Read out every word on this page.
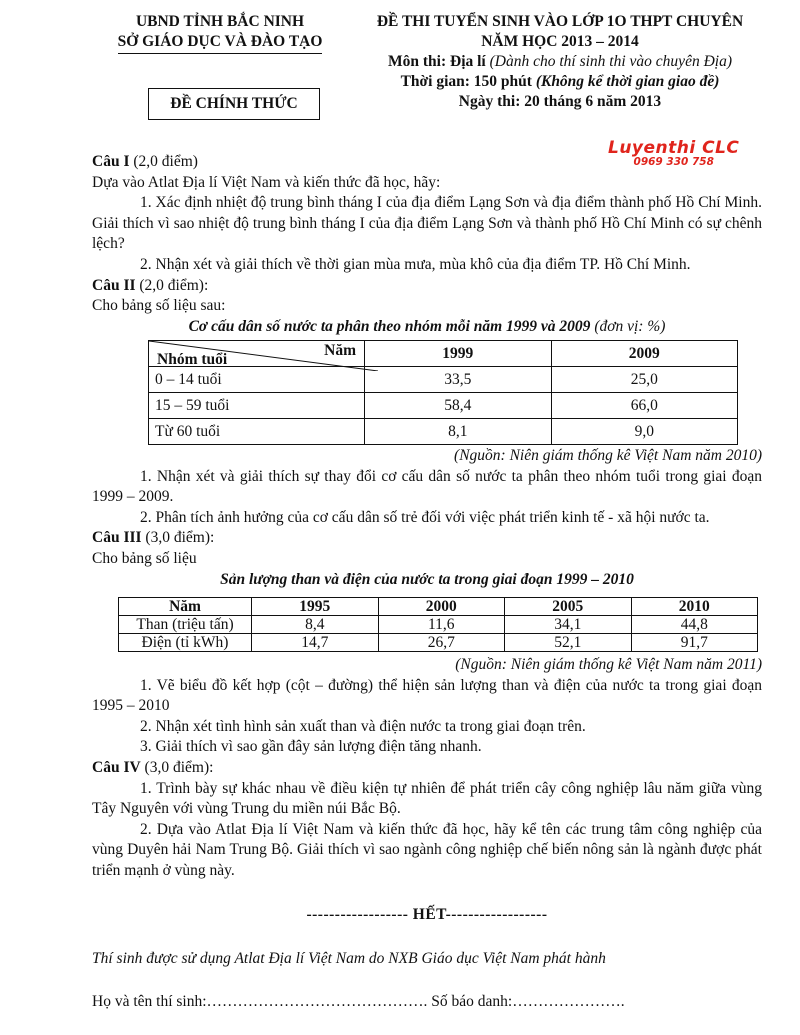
UBND TỈNH BẮC NINH
SỞ GIÁO DỤC VÀ ĐÀO TẠO
ĐỀ THI TUYỂN SINH VÀO LỚP 1O THPT CHUYÊN
NĂM HỌC 2013 – 2014
Môn thi: Địa lí (Dành cho thí sinh thi vào chuyên Địa)
Thời gian: 150 phút (Không kể thời gian giao đề)
Ngày thi: 20 tháng 6 năm 2013
ĐỀ CHÍNH THỨC
Luyenthi CLC
0969 330 758

Câu I (2,0 điểm)

Dựa vào Atlat Địa lí Việt Nam và kiến thức đã học, hãy:

1. Xác định nhiệt độ trung bình tháng I của địa điểm Lạng Sơn và địa điểm thành phố Hồ Chí Minh. Giải thích vì sao nhiệt độ trung bình tháng I của địa điểm Lạng Sơn và thành phố Hồ Chí Minh có sự chênh lệch?

2. Nhận xét và giải thích về thời gian mùa mưa, mùa khô của địa điểm TP. Hồ Chí Minh.

Câu II (2,0 điểm):

Cho bảng số liệu sau:

Cơ cấu dân số nước ta phân theo nhóm mỗi năm 1999 và 2009 (đơn vị: %)

Năm
Nhóm tuổi	1999	2009
0 – 14 tuổi	33,5	25,0
15 – 59 tuổi	58,4	66,0
Từ 60 tuổi	8,1	9,0

(Nguồn: Niên giám thống kê Việt Nam năm 2010)

1. Nhận xét và giải thích sự thay đổi cơ cấu dân số nước ta phân theo nhóm tuổi trong giai đoạn 1999 – 2009.

2. Phân tích ảnh hưởng của cơ cấu dân số trẻ đối với việc phát triển kinh tế - xã hội nước ta.

Câu III (3,0 điểm):

Cho bảng số liệu

Sản lượng than và điện của nước ta trong giai đoạn 1999 – 2010

Năm	1995	2000	2005	2010
Than (triệu tấn)	8,4	11,6	34,1	44,8
Điện (tỉ kWh)	14,7	26,7	52,1	91,7

(Nguồn: Niên giám thống kê Việt Nam năm 2011)

1. Vẽ biểu đồ kết hợp (cột – đường) thể hiện sản lượng than và điện của nước ta trong giai đoạn 1995 – 2010

2. Nhận xét tình hình sản xuất than và điện nước ta trong giai đoạn trên.

3. Giải thích vì sao gần đây sản lượng điện tăng nhanh.

Câu IV (3,0 điểm):

1. Trình bày sự khác nhau về điều kiện tự nhiên để phát triển cây công nghiệp lâu năm giữa vùng Tây Nguyên với vùng Trung du miền núi Bắc Bộ.

2. Dựa vào Atlat Địa lí Việt Nam và kiến thức đã học, hãy kể tên các trung tâm công nghiệp của vùng Duyên hải Nam Trung Bộ. Giải thích vì sao ngành công nghiệp chế biến nông sản là ngành được phát triển mạnh ở vùng này.

------------------ HẾT------------------
Thí sinh được sử dụng Atlat Địa lí Việt Nam do NXB Giáo dục Việt Nam phát hành
Họ và tên thí sinh:……………………………………. Số báo danh:………………….
